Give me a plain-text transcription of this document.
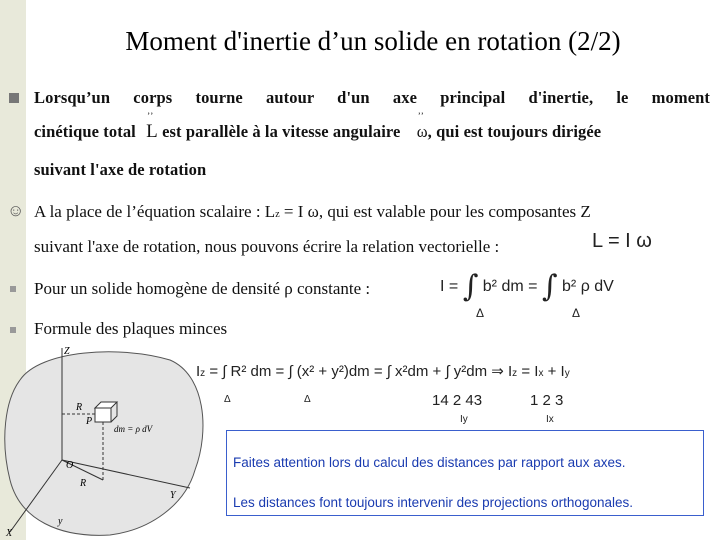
Moment d'inertie d’un solide en rotation (2/2)
Lorsqu’un corps tourne autour d'un axe principal d'inertie, le moment
cinétique total
ʼʼ
L est parallèle à la vitesse angulaire
ʼʼ
ω, qui est toujours dirigée
suivant l'axe de rotation
☺ A la place de l’équation scalaire : Lz = I ω, qui est valable pour les composantes Z
suivant l'axe de rotation, nous pouvons écrire la relation vectorielle :	L = I ω
Pour un solide homogène de densité ρ constante :	I = ∫ b² dm = ∫ b² ρ dV
Δ	Δ
Formule des plaques minces
Z
R
P
dm = ρ dV
O
R
Y
y
X
Iz = ∫ R² dm = ∫ (x² + y²)dm = ∫ x²dm + ∫ y²dm ⇒ Iz = Ix + Iy
Δ	Δ	14 2 43	1 2 3
Iy	Ix

Faites attention lors du calcul des distances par rapport aux axes.

Les distances font toujours intervenir des projections orthogonales.
